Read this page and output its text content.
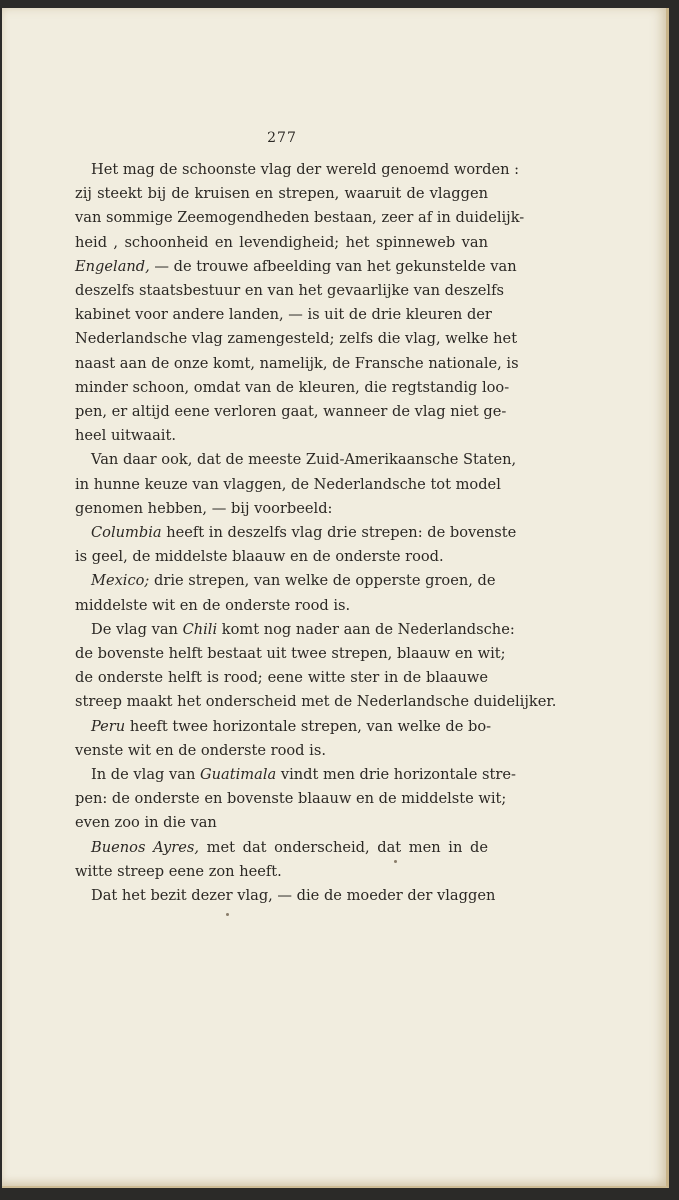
277
Het mag de schoonste vlag der wereld genoemd worden :
zij steekt bij de kruisen en strepen, waaruit de vlaggen
van sommige Zeemogendheden bestaan, zeer af in duidelijk-
heid , schoonheid en levendigheid; het spinneweb van
Engeland, — de trouwe afbeelding van het gekunstelde van
deszelfs staatsbestuur en van het gevaarlijke van deszelfs
kabinet voor andere landen, — is uit de drie kleuren der
Nederlandsche vlag zamengesteld; zelfs die vlag, welke het
naast aan de onze komt, namelijk, de Fransche nationale, is
minder schoon, omdat van de kleuren, die regtstandig loo-
pen, er altijd eene verloren gaat, wanneer de vlag niet ge-
heel uitwaait.
Van daar ook, dat de meeste Zuid-Amerikaansche Staten,
in hunne keuze van vlaggen, de Nederlandsche tot model
genomen hebben, — bij voorbeeld:
Columbia heeft in deszelfs vlag drie strepen: de bovenste
is geel, de middelste blaauw en de onderste rood.
Mexico; drie strepen, van welke de opperste groen, de
middelste wit en de onderste rood is.
De vlag van Chili komt nog nader aan de Nederlandsche:
de bovenste helft bestaat uit twee strepen, blaauw en wit;
de onderste helft is rood; eene witte ster in de blaauwe
streep maakt het onderscheid met de Nederlandsche duidelijker.
Peru heeft twee horizontale strepen, van welke de bo-
venste wit en de onderste rood is.
In de vlag van Guatimala vindt men drie horizontale stre-
pen: de onderste en bovenste blaauw en de middelste wit;
even zoo in die van
Buenos Ayres, met dat onderscheid, dat men in de
witte streep eene zon heeft.
Dat het bezit dezer vlag, — die de moeder der vlaggen
